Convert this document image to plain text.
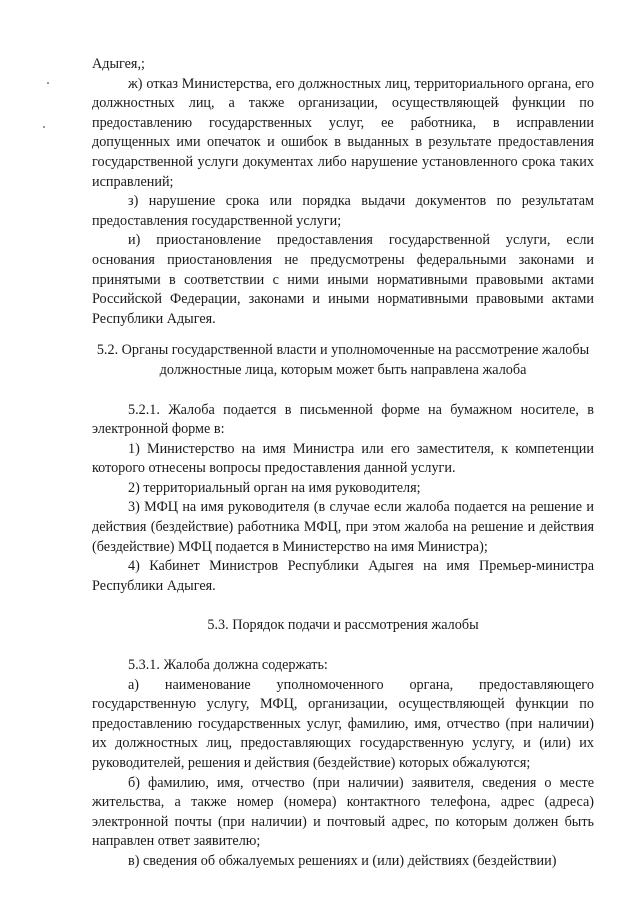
Адыгея,;

ж) отказ Министерства, его должностных лиц, территориального органа, его должностных лиц, а также организации, осуществляющей функции по предоставлению государственных услуг, ее работника, в исправлении допущенных ими опечаток и ошибок в выданных в результате предоставления государственной услуги документах либо нарушение установленного срока таких исправлений;

з) нарушение срока или порядка выдачи документов по результатам предоставления государственной услуги;

и) приостановление предоставления государственной услуги, если основания приостановления не предусмотрены федеральными законами и принятыми в соответствии с ними иными нормативными правовыми актами Российской Федерации, законами и иными нормативными правовыми актами Республики Адыгея.

5.2. Органы государственной власти и уполномоченные на рассмотрение жалобы должностные лица, которым может быть направлена жалоба

5.2.1. Жалоба подается в письменной форме на бумажном носителе, в электронной форме в:

1) Министерство на имя Министра или его заместителя, к компетенции которого отнесены вопросы предоставления данной услуги.

2) территориальный орган на имя руководителя;

3) МФЦ на имя руководителя (в случае если жалоба подается на решение и действия (бездействие) работника МФЦ, при этом жалоба на решение и действия (бездействие) МФЦ подается в Министерство на имя Министра);

4) Кабинет Министров Республики Адыгея на имя Премьер-министра Республики Адыгея.

5.3. Порядок подачи и рассмотрения жалобы

5.3.1. Жалоба должна содержать:

а) наименование уполномоченного органа, предоставляющего государственную услугу, МФЦ, организации, осуществляющей функции по предоставлению государственных услуг, фамилию, имя, отчество (при наличии) их должностных лиц, предоставляющих государственную услугу, и (или) их руководителей, решения и действия (бездействие) которых обжалуются;

б) фамилию, имя, отчество (при наличии) заявителя, сведения о месте жительства, а также номер (номера) контактного телефона, адрес (адреса) электронной почты (при наличии) и почтовый адрес, по которым должен быть направлен ответ заявителю;

в) сведения об обжалуемых решениях и (или) действиях (бездействии)
